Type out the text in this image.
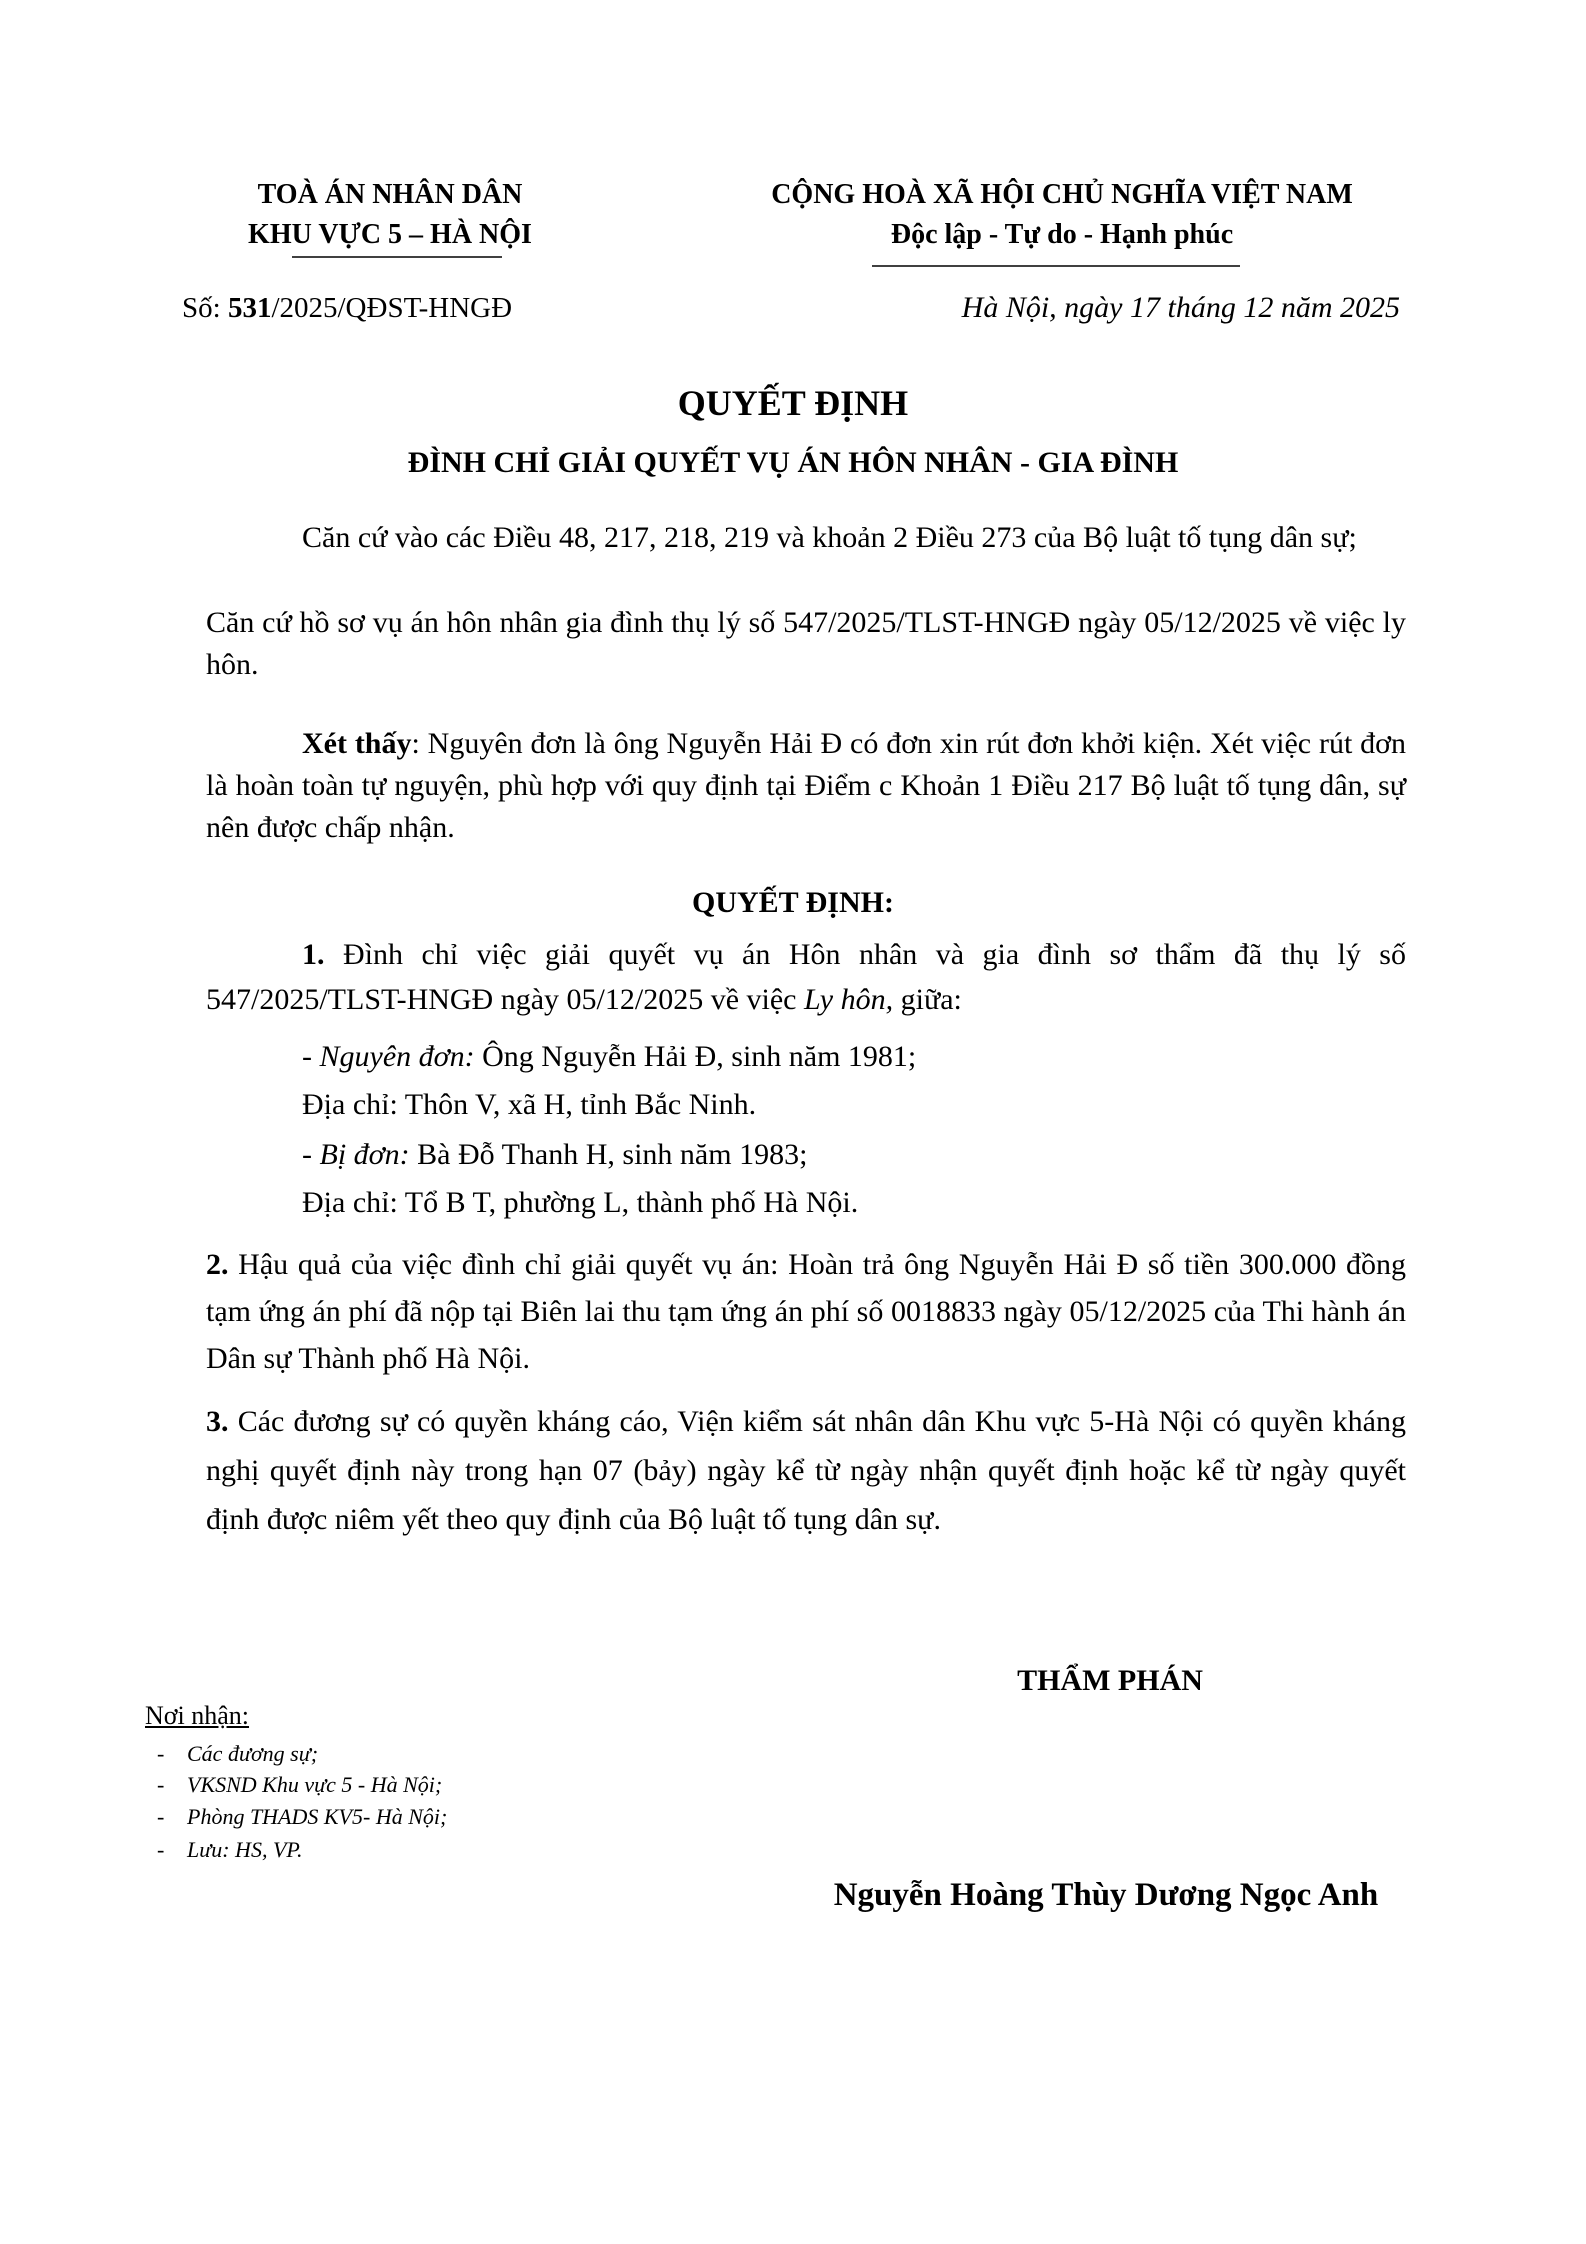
TOÀ ÁN NHÂN DÂN
KHU VỰC 5 – HÀ NỘI
Số: 531/2025/QĐST-HNGĐ
CỘNG HOÀ XÃ HỘI CHỦ NGHĨA VIỆT NAM
Độc lập - Tự do - Hạnh phúc
Hà Nội, ngày 17 tháng 12 năm 2025
QUYẾT ĐỊNH
ĐÌNH CHỈ GIẢI QUYẾT VỤ ÁN HÔN NHÂN - GIA ĐÌNH
Căn cứ vào các Điều 48, 217, 218, 219 và khoản 2 Điều 273 của Bộ luật tố tụng dân sự;
Căn cứ hồ sơ vụ án hôn nhân gia đình thụ lý số 547/2025/TLST-HNGĐ ngày 05/12/2025 về việc ly hôn.
Xét thấy: Nguyên đơn là ông Nguyễn Hải Đ có đơn xin rút đơn khởi kiện. Xét việc rút đơn là hoàn toàn tự nguyện, phù hợp với quy định tại Điểm c Khoản 1 Điều 217 Bộ luật tố tụng dân, sự nên được chấp nhận.
QUYẾT ĐỊNH:
1. Đình chỉ việc giải quyết vụ án Hôn nhân và gia đình sơ thẩm đã thụ lý số 547/2025/TLST-HNGĐ ngày 05/12/2025 về việc Ly hôn, giữa:
- Nguyên đơn: Ông Nguyễn Hải Đ, sinh năm 1981;
Địa chỉ: Thôn V, xã H, tỉnh Bắc Ninh.
- Bị đơn: Bà Đỗ Thanh H, sinh năm 1983;
Địa chỉ: Tổ B T, phường L, thành phố Hà Nội.
2. Hậu quả của việc đình chỉ giải quyết vụ án: Hoàn trả ông Nguyễn Hải Đ số tiền 300.000 đồng tạm ứng án phí đã nộp tại Biên lai thu tạm ứng án phí số 0018833 ngày 05/12/2025 của Thi hành án Dân sự Thành phố Hà Nội.
3. Các đương sự có quyền kháng cáo, Viện kiểm sát nhân dân Khu vực 5-Hà Nội có quyền kháng nghị quyết định này trong hạn 07 (bảy) ngày kể từ ngày nhận quyết định hoặc kể từ ngày quyết định được niêm yết theo quy định của Bộ luật tố tụng dân sự.
THẨM PHÁN
Nơi nhận:
- Các đương sự;
- VKSND Khu vực 5 - Hà Nội;
- Phòng THADS KV5- Hà Nội;
- Lưu: HS, VP.
Nguyễn Hoàng Thùy Dương Ngọc Anh
